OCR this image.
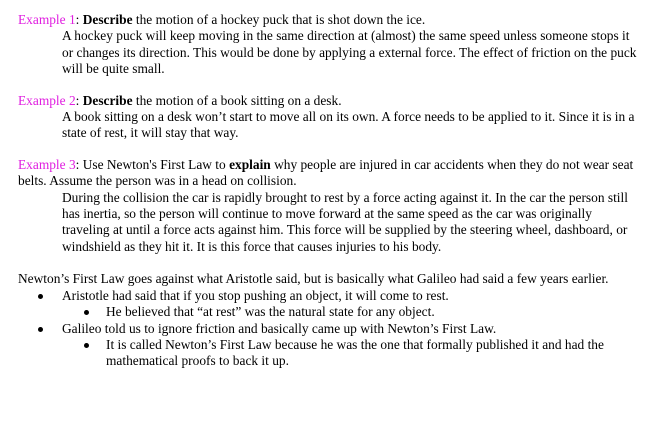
Example 1: Describe the motion of a hockey puck that is shot down the ice.
A hockey puck will keep moving in the same direction at (almost) the same speed unless someone stops it or changes its direction. This would be done by applying a external force. The effect of friction on the puck will be quite small.
Example 2: Describe the motion of a book sitting on a desk.
A book sitting on a desk won’t start to move all on its own. A force needs to be applied to it. Since it is in a state of rest, it will stay that way.
Example 3: Use Newton's First Law to explain why people are injured in car accidents when they do not wear seat belts. Assume the person was in a head on collision.
During the collision the car is rapidly brought to rest by a force acting against it. In the car the person still has inertia, so the person will continue to move forward at the same speed as the car was originally traveling at until a force acts against him. This force will be supplied by the steering wheel, dashboard, or windshield as they hit it. It is this force that causes injuries to his body.
Newton’s First Law goes against what Aristotle said, but is basically what Galileo had said a few years earlier.
Aristotle had said that if you stop pushing an object, it will come to rest.
He believed that “at rest” was the natural state for any object.
Galileo told us to ignore friction and basically came up with Newton’s First Law.
It is called Newton’s First Law because he was the one that formally published it and had the mathematical proofs to back it up.
